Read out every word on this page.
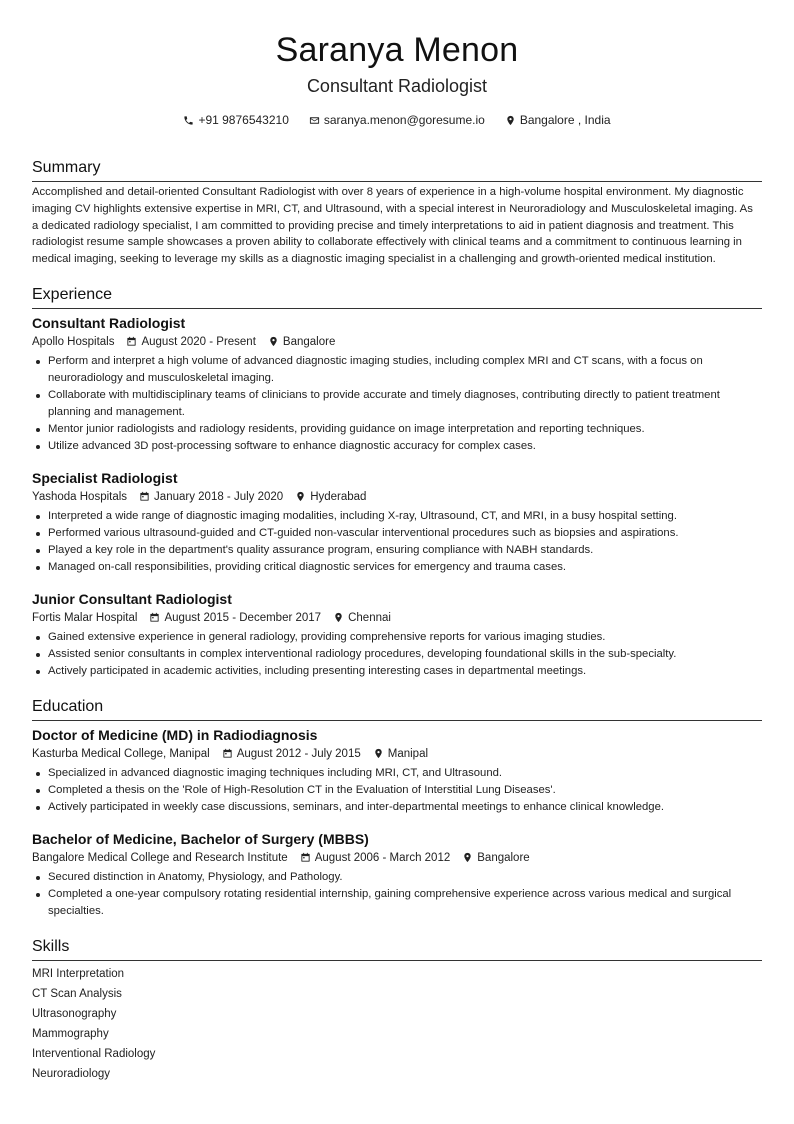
Saranya Menon
Consultant Radiologist
+91 9876543210	saranya.menon@goresume.io	Bangalore , India
Summary
Accomplished and detail-oriented Consultant Radiologist with over 8 years of experience in a high-volume hospital environment. My diagnostic imaging CV highlights extensive expertise in MRI, CT, and Ultrasound, with a special interest in Neuroradiology and Musculoskeletal imaging. As a dedicated radiology specialist, I am committed to providing precise and timely interpretations to aid in patient diagnosis and treatment. This radiologist resume sample showcases a proven ability to collaborate effectively with clinical teams and a commitment to continuous learning in medical imaging, seeking to leverage my skills as a diagnostic imaging specialist in a challenging and growth-oriented medical institution.
Experience
Consultant Radiologist
Apollo Hospitals August 2020 - Present Bangalore
Perform and interpret a high volume of advanced diagnostic imaging studies, including complex MRI and CT scans, with a focus on neuroradiology and musculoskeletal imaging.
Collaborate with multidisciplinary teams of clinicians to provide accurate and timely diagnoses, contributing directly to patient treatment planning and management.
Mentor junior radiologists and radiology residents, providing guidance on image interpretation and reporting techniques.
Utilize advanced 3D post-processing software to enhance diagnostic accuracy for complex cases.
Specialist Radiologist
Yashoda Hospitals January 2018 - July 2020 Hyderabad
Interpreted a wide range of diagnostic imaging modalities, including X-ray, Ultrasound, CT, and MRI, in a busy hospital setting.
Performed various ultrasound-guided and CT-guided non-vascular interventional procedures such as biopsies and aspirations.
Played a key role in the department's quality assurance program, ensuring compliance with NABH standards.
Managed on-call responsibilities, providing critical diagnostic services for emergency and trauma cases.
Junior Consultant Radiologist
Fortis Malar Hospital August 2015 - December 2017 Chennai
Gained extensive experience in general radiology, providing comprehensive reports for various imaging studies.
Assisted senior consultants in complex interventional radiology procedures, developing foundational skills in the sub-specialty.
Actively participated in academic activities, including presenting interesting cases in departmental meetings.
Education
Doctor of Medicine (MD) in Radiodiagnosis
Kasturba Medical College, Manipal August 2012 - July 2015 Manipal
Specialized in advanced diagnostic imaging techniques including MRI, CT, and Ultrasound.
Completed a thesis on the 'Role of High-Resolution CT in the Evaluation of Interstitial Lung Diseases'.
Actively participated in weekly case discussions, seminars, and inter-departmental meetings to enhance clinical knowledge.
Bachelor of Medicine, Bachelor of Surgery (MBBS)
Bangalore Medical College and Research Institute August 2006 - March 2012 Bangalore
Secured distinction in Anatomy, Physiology, and Pathology.
Completed a one-year compulsory rotating residential internship, gaining comprehensive experience across various medical and surgical specialties.
Skills
MRI Interpretation
CT Scan Analysis
Ultrasonography
Mammography
Interventional Radiology
Neuroradiology
